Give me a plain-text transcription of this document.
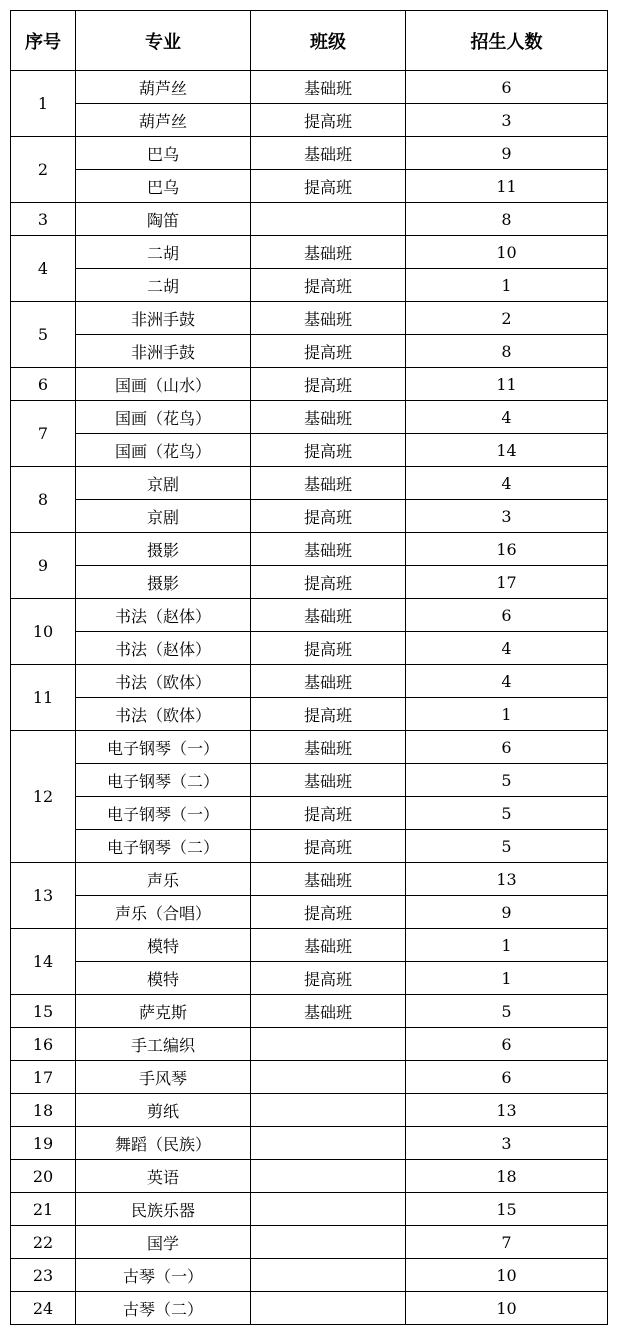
序号	专业	班级	招生人数
1	葫芦丝	基础班	6
	葫芦丝	提高班	3
2	巴乌	基础班	9
	巴乌	提高班	11
3	陶笛		8
4	二胡	基础班	10
	二胡	提高班	1
5	非洲手鼓	基础班	2
	非洲手鼓	提高班	8
6	国画（山水）	提高班	11
7	国画（花鸟）	基础班	4
	国画（花鸟）	提高班	14
8	京剧	基础班	4
	京剧	提高班	3
9	摄影	基础班	16
	摄影	提高班	17
10	书法（赵体）	基础班	6
	书法（赵体）	提高班	4
11	书法（欧体）	基础班	4
	书法（欧体）	提高班	1
12	电子钢琴（一）	基础班	6
	电子钢琴（二）	基础班	5
	电子钢琴（一）	提高班	5
	电子钢琴（二）	提高班	5
13	声乐	基础班	13
	声乐（合唱）	提高班	9
14	模特	基础班	1
	模特	提高班	1
15	萨克斯	基础班	5
16	手工编织		6
17	手风琴		6
18	剪纸		13
19	舞蹈（民族）		3
20	英语		18
21	民族乐器		15
22	国学		7
23	古琴（一）		10
24	古琴（二）		10
